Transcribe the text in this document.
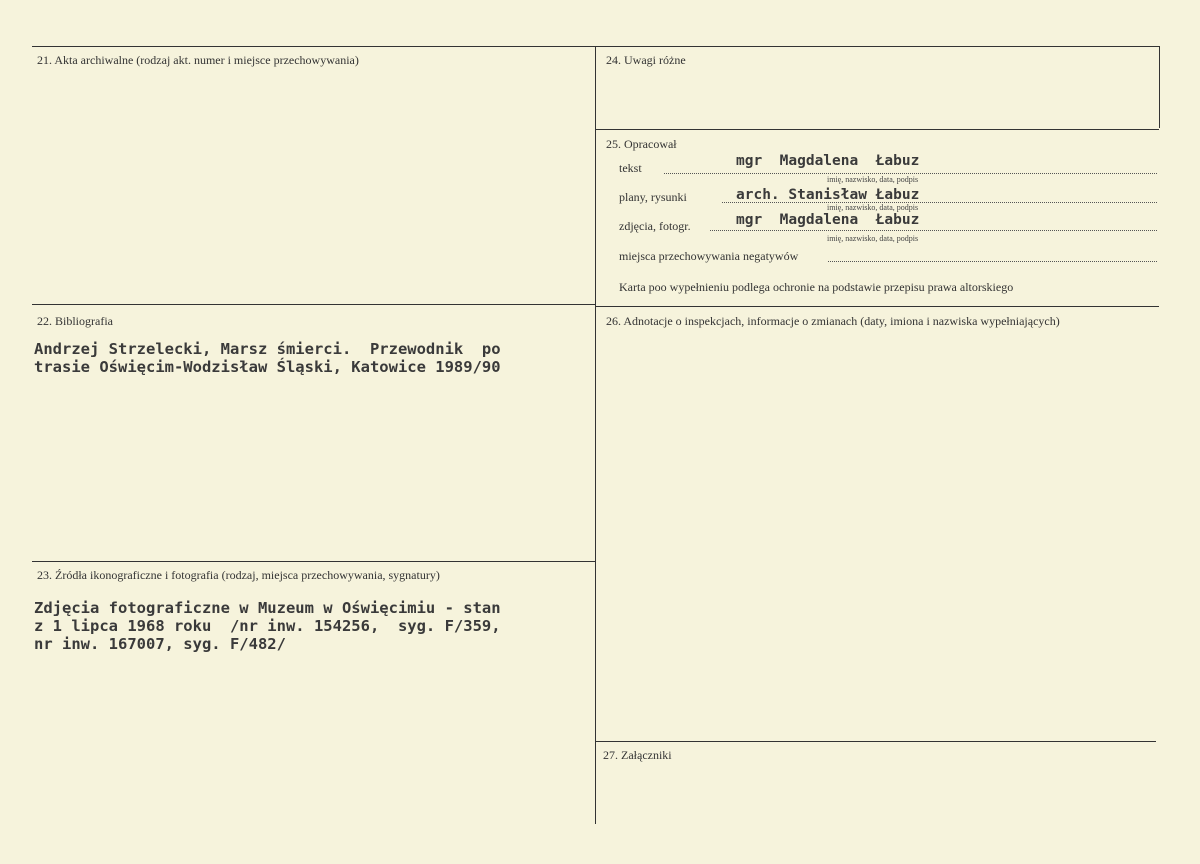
21. Akta archiwalne (rodzaj akt. numer i miejsce przechowywania)	24. Uwagi różne
25. Opracował
tekst	mgr  Magdalena  Łabuz
imię, nazwisko, data, podpis
plany, rysunki	arch. Stanisław Łabuz
imię, nazwisko, data, podpis
zdjęcia, fotogr.	mgr  Magdalena  Łabuz
imię, nazwisko, data, podpis
miejsca przechowywania negatywów
Karta poo wypełnieniu podlega ochronie na podstawie przepisu prawa altorskiego
22. Bibliografia
Andrzej Strzelecki, Marsz śmierci.  Przewodnik  po
trasie Oświęcim-Wodzisław Śląski, Katowice 1989/90
26. Adnotacje o inspekcjach, informacje o zmianach (daty, imiona i nazwiska wypełniających)
23. Źródła ikonograficzne i fotografia (rodzaj, miejsca przechowywania, sygnatury)
Zdjęcia fotograficzne w Muzeum w Oświęcimiu - stan
z 1 lipca 1968 roku  /nr inw. 154256,  syg. F/359,
nr inw. 167007, syg. F/482/
27. Załączniki
